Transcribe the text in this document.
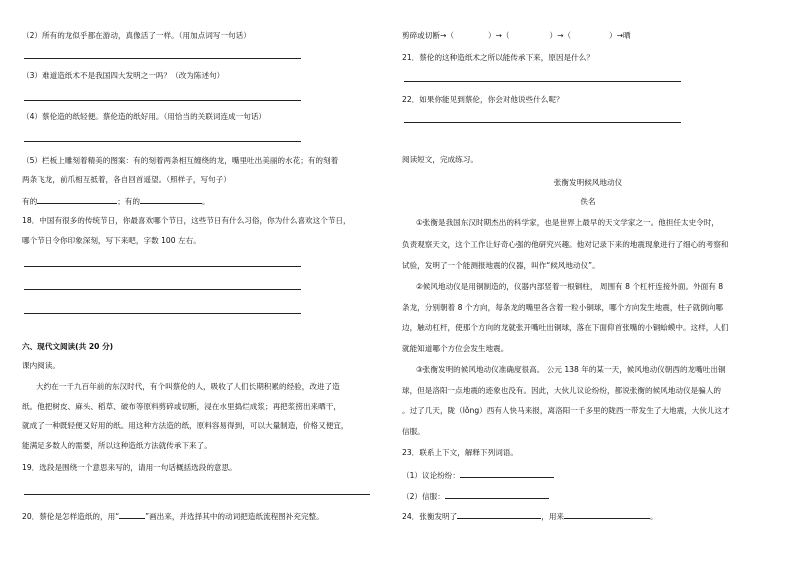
（2）所有的龙似乎都在游动，真像活了一样。（用加点词写一句话）
（3）难道造纸术不是我国四大发明之一吗？（改为陈述句）
（4）蔡伦造的纸轻便。蔡伦造的纸好用。（用恰当的关联词连成一句话）
（5）栏板上雕刻着精美的图案：有的刻着两条相互缠绕的龙，嘴里吐出美丽的水花；有的刻着
两条飞龙，前爪相互抵着，各自回首遥望。（照样子，写句子）
有的	；有的	。
18．中国有很多的传统节日，你最喜欢哪个节日，这些节日有什么习俗，你为什么喜欢这个节日，
哪个节日令你印象深刻，写下来吧，字数 100 左右。
六、现代文阅读(共 20 分)
课内阅读。
大约在一千九百年前的东汉时代，有个叫蔡伦的人，吸收了人们长期积累的经验，改进了造
纸。他把树皮、麻头、稻草、破布等原料剪碎或切断，浸在水里捣烂成浆；再把浆捞出来晒干，
就成了一种既轻便又好用的纸。用这种方法造的纸，原料容易得到，可以大量制造，价格又便宜，
能满足多数人的需要，所以这种造纸方法就传承下来了。
19．选段是围绕一个意思来写的，请用一句话概括选段的意思。
20．蔡伦是怎样造纸的，用“	”画出来，并选择其中的动词把造纸流程图补充完整。
剪碎或切断→（	）→（	）→（	）→晒
21．蔡伦的这种造纸术之所以能传承下来，原因是什么？
22．如果你能见到蔡伦，你会对他说些什么呢？
阅读短文，完成练习。
张衡发明候风地动仪
佚名
①张衡是我国东汉时期杰出的科学家，也是世界上最早的天文学家之一。他担任太史令时，
负责观察天文，这个工作让好奇心强的他研究兴趣。他对记录下来的地震现象进行了细心的考察和
试验，发明了一个能测报地震的仪器，叫作“候风地动仪”。
②候风地动仪是用铜制造的，仪器内部竖着一根铜柱， 周围有 8 个杠杆连接外面。外面有 8
条龙，分别朝着 8 个方向，每条龙的嘴里各含着一粒小铜球，哪个方向发生地震，柱子就倒向哪
边，触动杠杆，使那个方向的龙就张开嘴吐出铜球，落在下面仰首张嘴的小铜蛤蟆中。这样，人们
就能知道哪个方位会发生地震。
③张衡发明的候风地动仪准确度很高。 公元 138 年的某一天，候风地动仪朝西的龙嘴吐出铜
球，但是洛阳一点地震的迹象也没有。因此，大伙儿议论纷纷，都说张衡的候风地动仪是骗人的
。过了几天，陇（lǒng）西有人快马来报，离洛阳一千多里的陇西一带发生了大地震，大伙儿这才
信服。
23．联系上下文，解释下列词语。
（1）议论纷纷：
（2）信服：
24．张衡发明了	，用来	。
